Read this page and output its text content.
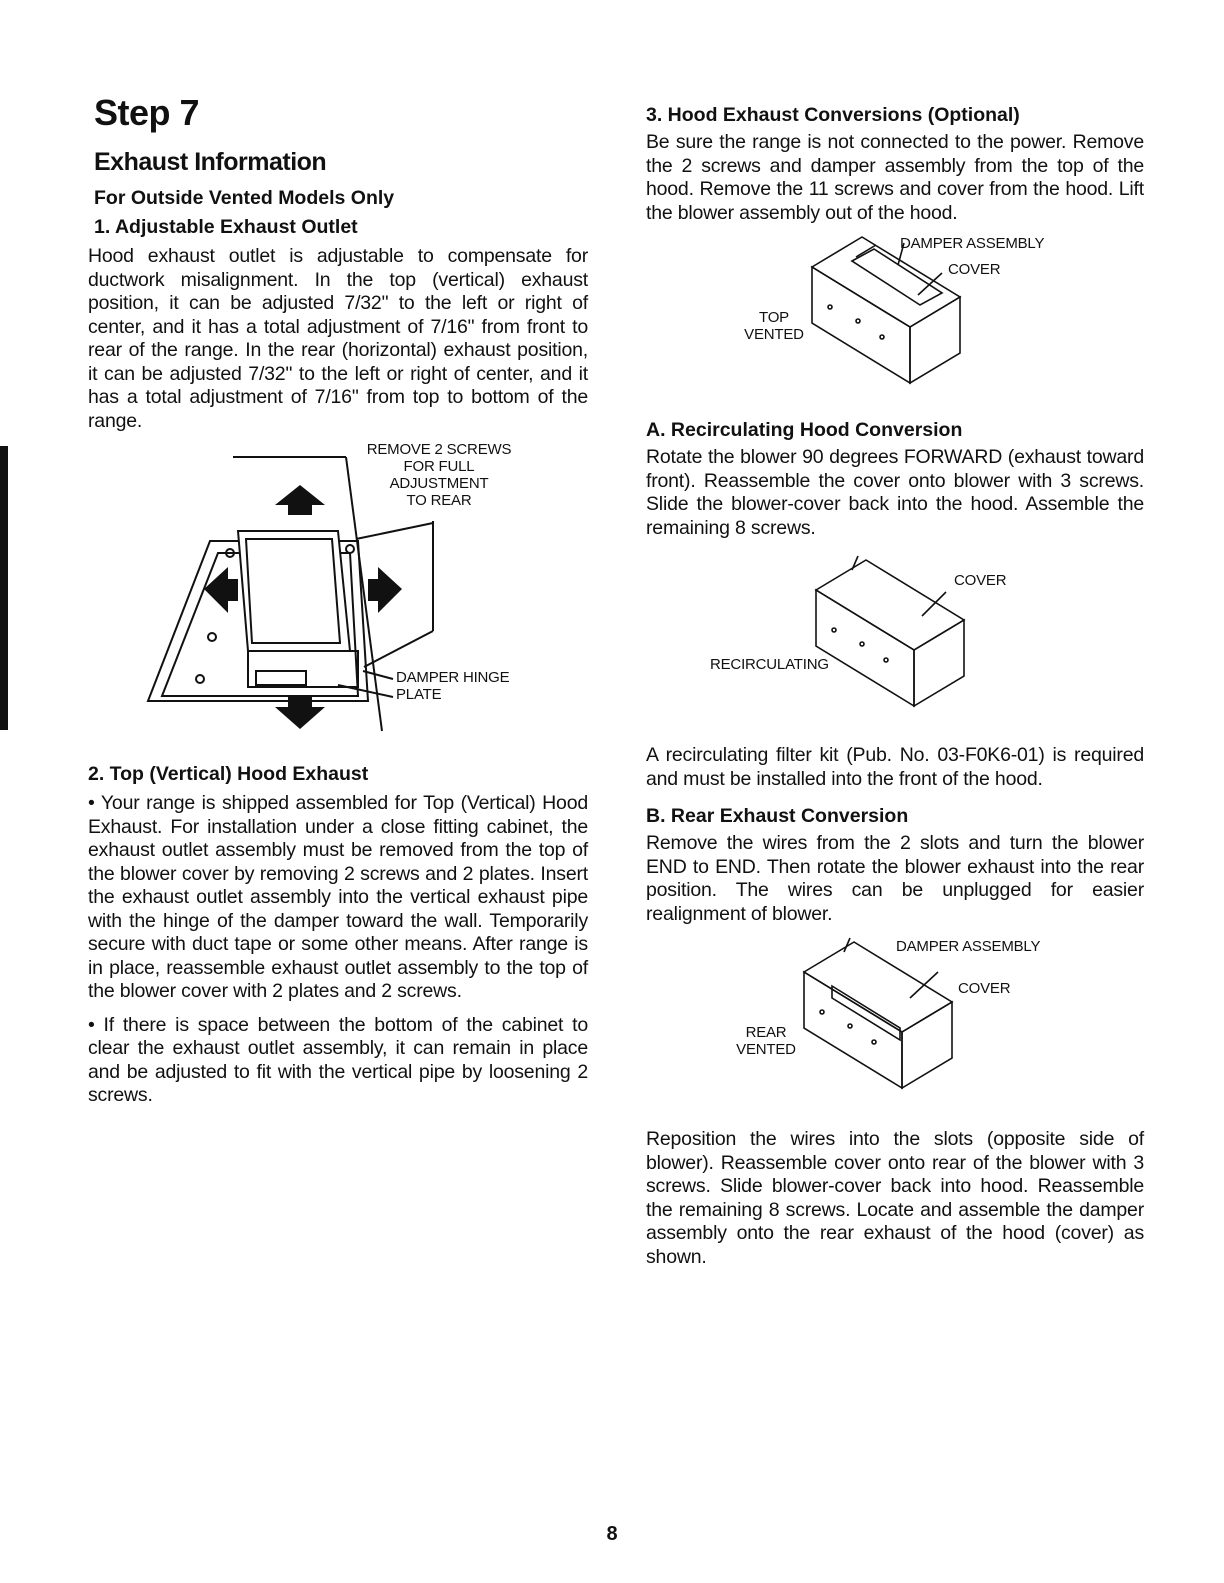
Step 7
Exhaust Information
For Outside Vented Models Only
1. Adjustable Exhaust Outlet

Hood exhaust outlet is adjustable to compensate for ductwork misalignment. In the top (vertical) exhaust position, it can be adjusted 7/32" to the left or right of center, and it has a total adjustment of 7/16" from front to rear of the range. In the rear (horizontal) exhaust position, it can be adjusted 7/32" to the left or right of center, and it has a total adjustment of 7/16" from top to bottom of the range.

REMOVE 2 SCREWS
FOR FULL
ADJUSTMENT
TO REAR
DAMPER HINGE
PLATE
2. Top (Vertical) Hood Exhaust

• Your range is shipped assembled for Top (Vertical) Hood Exhaust. For installation under a close fitting cabinet, the exhaust outlet assembly must be removed from the top of the blower cover by removing 2 screws and 2 plates. Insert the exhaust outlet assembly into the vertical exhaust pipe with the hinge of the damper toward the wall. Temporarily secure with duct tape or some other means. After range is in place, reassemble exhaust outlet assembly to the top of the blower cover with 2 plates and 2 screws.

• If there is space between the bottom of the cabinet to clear the exhaust outlet assembly, it can remain in place and be adjusted to fit with the vertical pipe by loosening 2 screws.

3. Hood Exhaust Conversions (Optional)

Be sure the range is not connected to the power. Remove the 2 screws and damper assembly from the top of the hood. Remove the 11 screws and cover from the hood. Lift the blower assembly out of the hood.

DAMPER ASSEMBLY
COVER
TOP
VENTED
A. Recirculating Hood Conversion

Rotate the blower 90 degrees FORWARD (exhaust toward front). Reassemble the cover onto blower with 3 screws. Slide the blower-cover back into the hood. Assemble the remaining 8 screws.

COVER
RECIRCULATING

A recirculating filter kit (Pub. No. 03-F0K6-01) is required and must be installed into the front of the hood.

B. Rear Exhaust Conversion

Remove the wires from the 2 slots and turn the blower END to END. Then rotate the blower exhaust into the rear position. The wires can be unplugged for easier realignment of blower.

DAMPER ASSEMBLY
COVER
REAR
VENTED

Reposition the wires into the slots (opposite side of blower). Reassemble cover onto rear of the blower with 3 screws. Slide blower-cover back into hood. Reassemble the remaining 8 screws. Locate and assemble the damper assembly onto the rear exhaust of the hood (cover) as shown.

8
